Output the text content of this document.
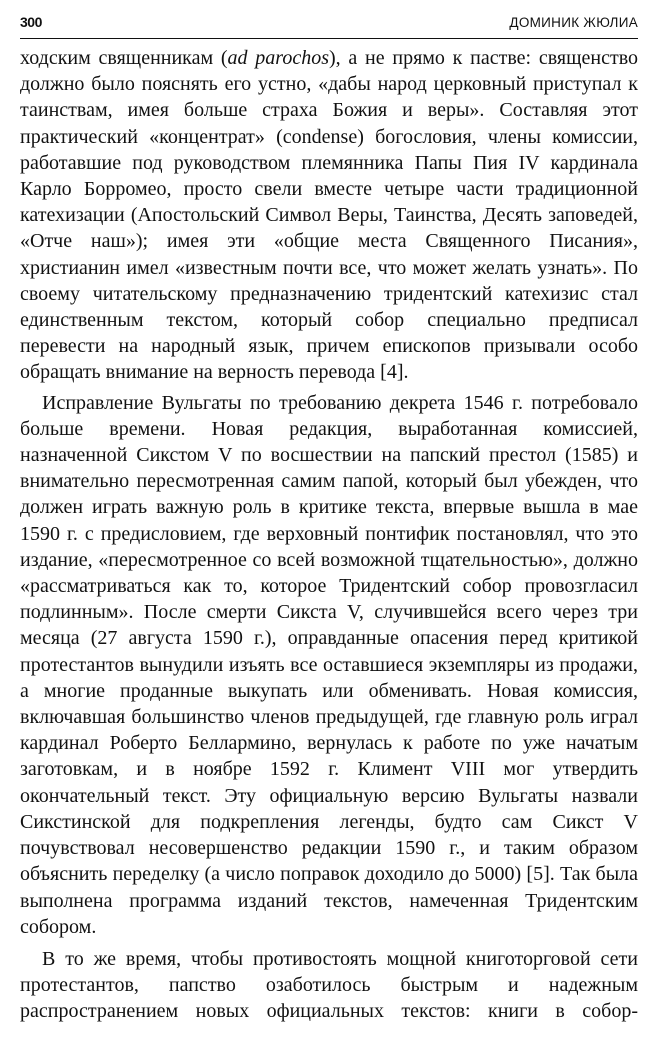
300	ДОМИНИК ЖЮЛИА

ходским священникам (ad parochos), а не прямо к пастве: священство должно было пояснять его устно, «дабы народ церковный приступал к таинствам, имея больше страха Божия и веры». Составляя этот практический «концентрат» (condense) богословия, члены комиссии, работавшие под руководством племянника Папы Пия IV кардинала Карло Борромео, просто свели вместе четыре части традиционной катехизации (Апостольский Символ Веры, Таинства, Десять заповедей, «Отче наш»); имея эти «общие места Священного Писания», христианин имел «известным почти все, что может желать узнать». По своему читательскому предназначению тридентский катехизис стал единственным текстом, который собор специально предписал перевести на народный язык, причем епископов призывали особо обращать внимание на верность перевода [4].

Исправление Вульгаты по требованию декрета 1546 г. потребовало больше времени. Новая редакция, выработанная комиссией, назначенной Сикстом V по восшествии на папский престол (1585) и внимательно пересмотренная самим папой, который был убежден, что должен играть важную роль в критике текста, впервые вышла в мае 1590 г. с предисловием, где верховный понтифик постановлял, что это издание, «пересмотренное со всей возможной тщательностью», должно «рассматриваться как то, которое Тридентский собор провозгласил подлинным». После смерти Сикста V, случившейся всего через три месяца (27 августа 1590 г.), оправданные опасения перед критикой протестантов вынудили изъять все оставшиеся экземпляры из продажи, а многие проданные выкупать или обменивать. Новая комиссия, включавшая большинство членов предыдущей, где главную роль играл кардинал Роберто Беллармино, вернулась к работе по уже начатым заготовкам, и в ноябре 1592 г. Климент VIII мог утвердить окончательный текст. Эту официальную версию Вульгаты назвали Сикстинской для подкрепления легенды, будто сам Сикст V почувствовал несовершенство редакции 1590 г., и таким образом объяснить переделку (а число поправок доходило до 5000) [5]. Так была выполнена программа изданий текстов, намеченная Тридентским собором.

В то же время, чтобы противостоять мощной книготорговой сети протестантов, папство озаботилось быстрым и надежным распространением новых официальных текстов: книги в собор-
